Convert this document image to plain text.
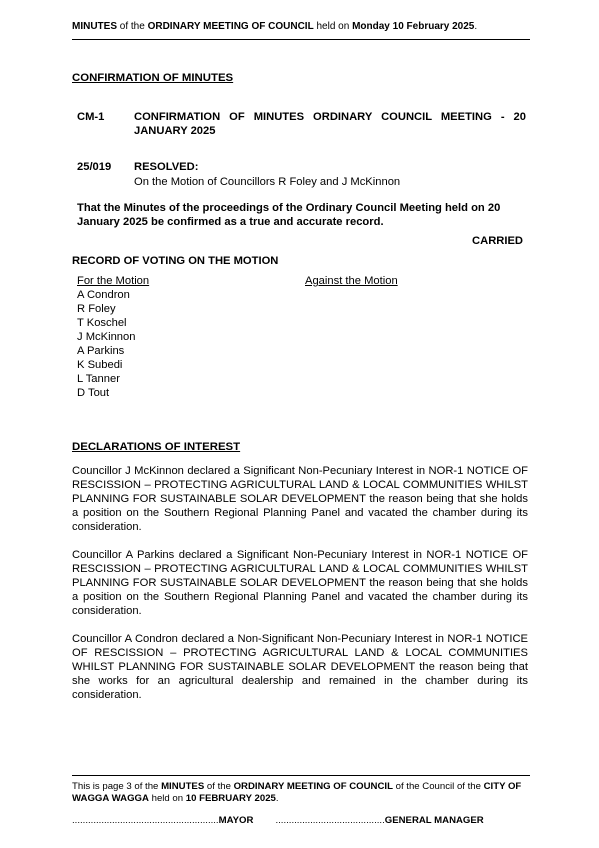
MINUTES of the ORDINARY MEETING OF COUNCIL held on Monday 10 February 2025.
CONFIRMATION OF MINUTES
CM-1	CONFIRMATION OF MINUTES ORDINARY COUNCIL MEETING - 20 JANUARY 2025
25/019 RESOLVED:
On the Motion of Councillors R Foley and J McKinnon
That the Minutes of the proceedings of the Ordinary Council Meeting held on 20 January 2025 be confirmed as a true and accurate record.
CARRIED
RECORD OF VOTING ON THE MOTION
For the Motion	Against the Motion
A Condron
R Foley
T Koschel
J McKinnon
A Parkins
K Subedi
L Tanner
D Tout
DECLARATIONS OF INTEREST

Councillor J McKinnon declared a Significant Non-Pecuniary Interest in NOR-1 NOTICE OF RESCISSION – PROTECTING AGRICULTURAL LAND & LOCAL COMMUNITIES WHILST PLANNING FOR SUSTAINABLE SOLAR DEVELOPMENT the reason being that she holds a position on the Southern Regional Planning Panel and vacated the chamber during its consideration.

Councillor A Parkins declared a Significant Non-Pecuniary Interest in NOR-1 NOTICE OF RESCISSION – PROTECTING AGRICULTURAL LAND & LOCAL COMMUNITIES WHILST PLANNING FOR SUSTAINABLE SOLAR DEVELOPMENT the reason being that she holds a position on the Southern Regional Planning Panel and vacated the chamber during its consideration.

Councillor A Condron declared a Non-Significant Non-Pecuniary Interest in NOR-1 NOTICE OF RESCISSION – PROTECTING AGRICULTURAL LAND & LOCAL COMMUNITIES WHILST PLANNING FOR SUSTAINABLE SOLAR DEVELOPMENT the reason being that she works for an agricultural dealership and remained in the chamber during its consideration.

This is page 3 of the MINUTES of the ORDINARY MEETING OF COUNCIL of the Council of the CITY OF WAGGA WAGGA held on 10 FEBRUARY 2025.
.......................................................MAYOR .........................................GENERAL MANAGER
